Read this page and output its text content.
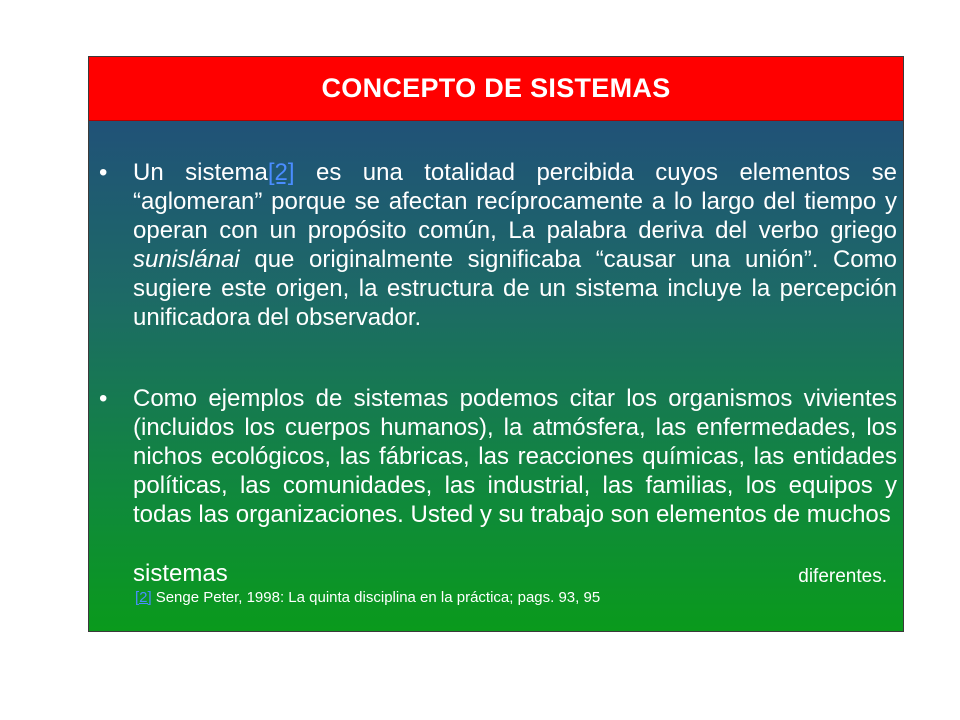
CONCEPTO DE SISTEMAS
• Un sistema[2] es una totalidad percibida cuyos elementos se “aglomeran” porque se afectan recíprocamente a lo largo del tiempo y operan con un propósito común, La palabra deriva del verbo griego sunislánai que originalmente significaba “causar una unión”. Como sugiere este origen, la estructura de un sistema incluye la percepción unificadora del observador.
• Como ejemplos de sistemas podemos citar los organismos vivientes (incluidos los cuerpos humanos), la atmósfera, las enfermedades, los nichos ecológicos, las fábricas, las reacciones químicas, las entidades políticas, las comunidades, las industrial, las familias, los equipos y todas las organizaciones. Usted y su trabajo son elementos de muchos
sistemas	diferentes.
[2] Senge Peter, 1998: La quinta disciplina en la práctica; pags. 93, 95
